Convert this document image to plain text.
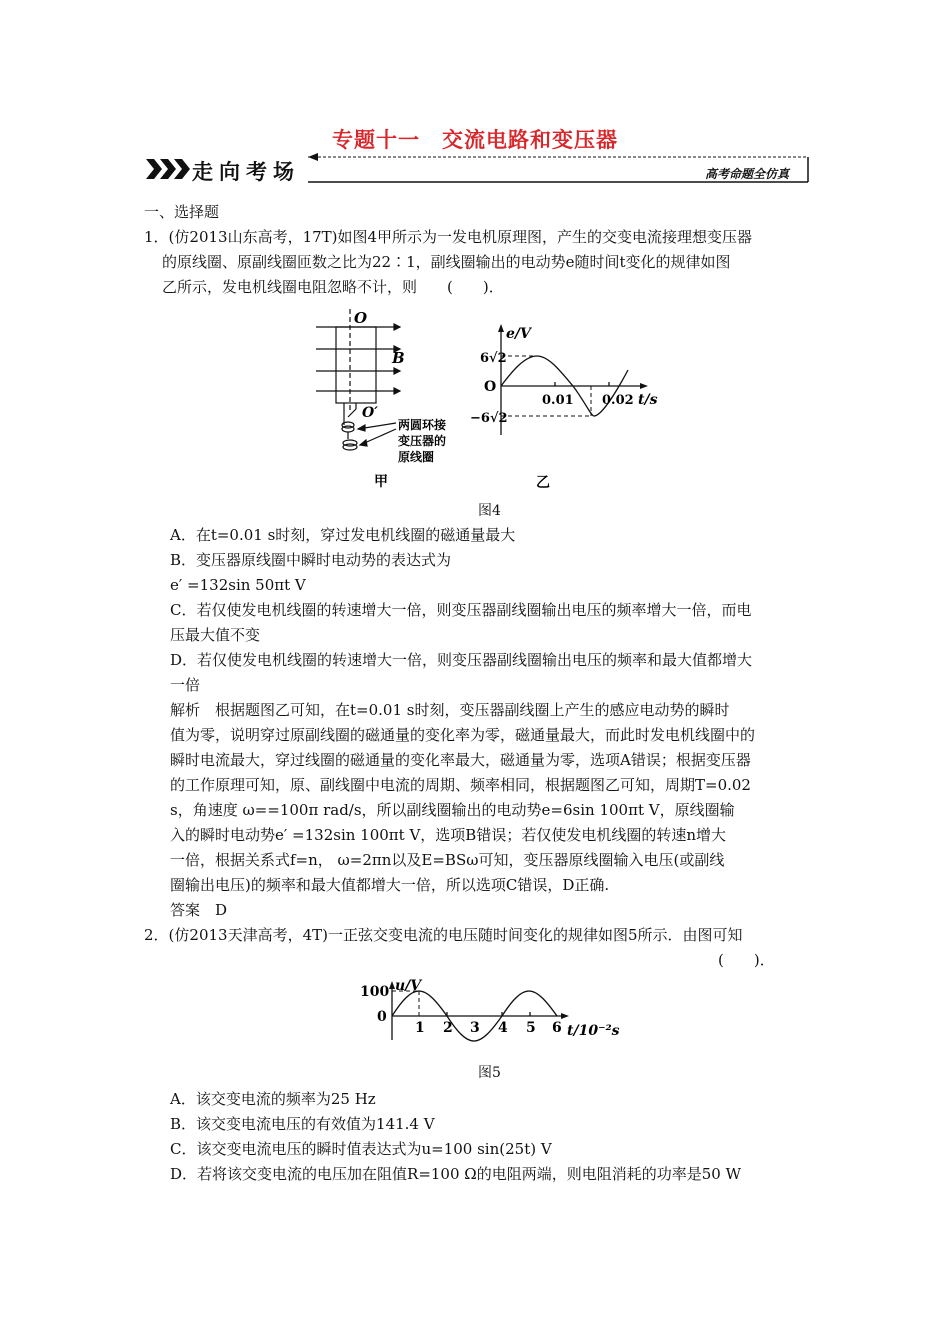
专题十一　交流电路和变压器
走向考场	高考命题全仿真
一、选择题
1．(仿2013山东高考，17T)如图4甲所示为一发电机原理图，产生的交变电流接理想变压器
的原线圈、原副线圈匝数之比为22∶1，副线圈输出的电动势e随时间t变化的规律如图
乙所示，发电机线圈电阻忽略不计，则　　(　　)．
O
B
O′
两圆环接
变压器的
原线圈
甲
e/V
6√2
O
−6√2
0.01 0.02 t/s
乙
图4
A．在t=0.01 s时刻，穿过发电机线圈的磁通量最大
B．变压器原线圈中瞬时电动势的表达式为
e′ =132sin 50πt V
C．若仅使发电机线圈的转速增大一倍，则变压器副线圈输出电压的频率增大一倍，而电
压最大值不变
D．若仅使发电机线圈的转速增大一倍，则变压器副线圈输出电压的频率和最大值都增大
一倍
解析　根据题图乙可知，在t=0.01 s时刻，变压器副线圈上产生的感应电动势的瞬时
值为零，说明穿过原副线圈的磁通量的变化率为零，磁通量最大，而此时发电机线圈中的
瞬时电流最大，穿过线圈的磁通量的变化率最大，磁通量为零，选项A错误；根据变压器
的工作原理可知，原、副线圈中电流的周期、频率相同，根据题图乙可知，周期T=0.02
s，角速度 ω==100π rad/s，所以副线圈输出的电动势e=6sin 100πt V，原线圈输
入的瞬时电动势e′ =132sin 100πt V，选项B错误；若仅使发电机线圈的转速n增大
一倍，根据关系式f=n， ω=2πn以及E=BSω可知，变压器原线圈输入电压(或副线
圈输出电压)的频率和最大值都增大一倍，所以选项C错误，D正确.
答案　D
2．(仿2013天津高考，4T)一正弦交变电流的电压随时间变化的规律如图5所示．由图可知
(　　)．
u/V
100
0
1 2 3 4 5 6 t/10⁻²s
图5
A．该交变电流的频率为25 Hz
B．该交变电流电压的有效值为141.4 V
C．该交变电流电压的瞬时值表达式为u=100 sin(25t) V
D．若将该交变电流的电压加在阻值R=100 Ω的电阻两端，则电阻消耗的功率是50 W
